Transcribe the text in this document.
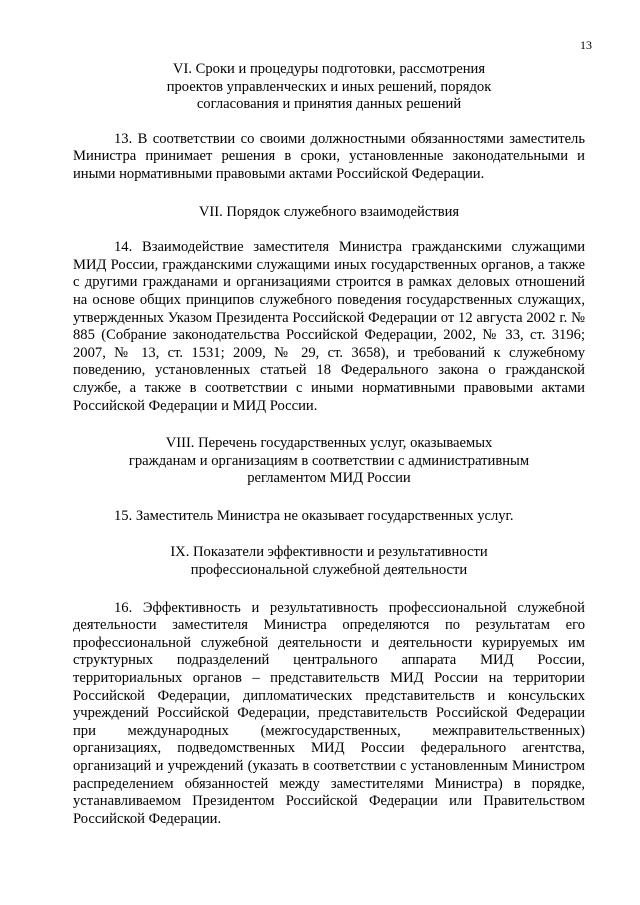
13
VI. Сроки и процедуры подготовки, рассмотрения
проектов управленческих и иных решений, порядок
согласования и принятия данных решений

13. В соответствии со своими должностными обязанностями заместитель Министра принимает решения в сроки, установленные законодательными и иными нормативными правовыми актами Российской Федерации.

VII. Порядок служебного взаимодействия

14. Взаимодействие заместителя Министра гражданскими служащими МИД России, гражданскими служащими иных государственных органов, а также с другими гражданами и организациями строится в рамках деловых отношений на основе общих принципов служебного поведения государственных служащих, утвержденных Указом Президента Российской Федерации от 12 августа 2002 г. № 885 (Собрание законодательства Российской Федерации, 2002, № 33, ст. 3196; 2007, № 13, ст. 1531; 2009, № 29, ст. 3658), и требований к служебному поведению, установленных статьей 18 Федерального закона о гражданской службе, а также в соответствии с иными нормативными правовыми актами Российской Федерации и МИД России.

VIII. Перечень государственных услуг, оказываемых
гражданам и организациям в соответствии с административным
регламентом МИД России

15. Заместитель Министра не оказывает государственных услуг.

IX. Показатели эффективности и результативности
профессиональной служебной деятельности

16. Эффективность и результативность профессиональной служебной деятельности заместителя Министра определяются по результатам его профессиональной служебной деятельности и деятельности курируемых им структурных подразделений центрального аппарата МИД России, территориальных органов – представительств МИД России на территории Российской Федерации, дипломатических представительств и консульских учреждений Российской Федерации, представительств Российской Федерации при международных (межгосударственных, межправительственных) организациях, подведомственных МИД России федерального агентства, организаций и учреждений (указать в соответствии с установленным Министром распределением обязанностей между заместителями Министра) в порядке, устанавливаемом Президентом Российской Федерации или Правительством Российской Федерации.
